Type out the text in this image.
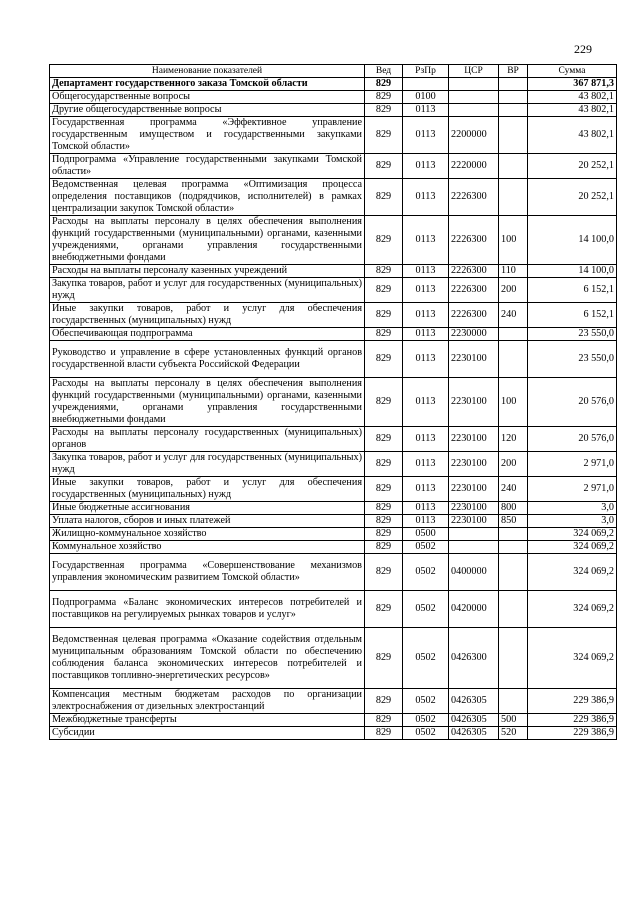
229
Наименование показателей	Вед	РзПр	ЦСР	ВР	Сумма
Департамент государственного заказа Томской области	829				367 871,3
Общегосударственные вопросы	829	0100			43 802,1
Другие общегосударственные вопросы	829	0113			43 802,1
Государственная программа «Эффективное управление государственным имуществом и государственными закупками Томской области»	829	0113	2200000		43 802,1
Подпрограмма «Управление государственными закупками Томской области»	829	0113	2220000		20 252,1
Ведомственная целевая программа «Оптимизация процесса определения поставщиков (подрядчиков, исполнителей) в рамках централизации закупок Томской области»	829	0113	2226300		20 252,1
Расходы на выплаты персоналу в целях обеспечения выполнения функций государственными (муниципальными) органами, казенными учреждениями, органами управления государственными внебюджетными фондами	829	0113	2226300	100	14 100,0
Расходы на выплаты персоналу казенных учреждений	829	0113	2226300	110	14 100,0
Закупка товаров, работ и услуг для государственных (муниципальных) нужд	829	0113	2226300	200	6 152,1
Иные закупки товаров, работ и услуг для обеспечения государственных (муниципальных) нужд	829	0113	2226300	240	6 152,1
Обеспечивающая подпрограмма	829	0113	2230000		23 550,0
Руководство и управление в сфере установленных функций органов государственной власти субъекта Российской Федерации	829	0113	2230100		23 550,0
Расходы на выплаты персоналу в целях обеспечения выполнения функций государственными (муниципальными) органами, казенными учреждениями, органами управления государственными внебюджетными фондами	829	0113	2230100	100	20 576,0
Расходы на выплаты персоналу государственных (муниципальных) органов	829	0113	2230100	120	20 576,0
Закупка товаров, работ и услуг для государственных (муниципальных) нужд	829	0113	2230100	200	2 971,0
Иные закупки товаров, работ и услуг для обеспечения государственных (муниципальных) нужд	829	0113	2230100	240	2 971,0
Иные бюджетные ассигнования	829	0113	2230100	800	3,0
Уплата налогов, сборов и иных платежей	829	0113	2230100	850	3,0
Жилищно-коммунальное хозяйство	829	0500			324 069,2
Коммунальное хозяйство	829	0502			324 069,2
Государственная программа «Совершенствование механизмов управления экономическим развитием Томской области»	829	0502	0400000		324 069,2
Подпрограмма «Баланс экономических интересов потребителей и поставщиков на регулируемых рынках товаров и услуг»	829	0502	0420000		324 069,2
Ведомственная целевая программа «Оказание содействия отдельным муниципальным образованиям Томской области по обеспечению соблюдения баланса экономических интересов потребителей и поставщиков топливно-энергетических ресурсов»	829	0502	0426300		324 069,2
Компенсация местным бюджетам расходов по организации электроснабжения от дизельных электростанций	829	0502	0426305		229 386,9
Межбюджетные трансферты	829	0502	0426305	500	229 386,9
Субсидии	829	0502	0426305	520	229 386,9
